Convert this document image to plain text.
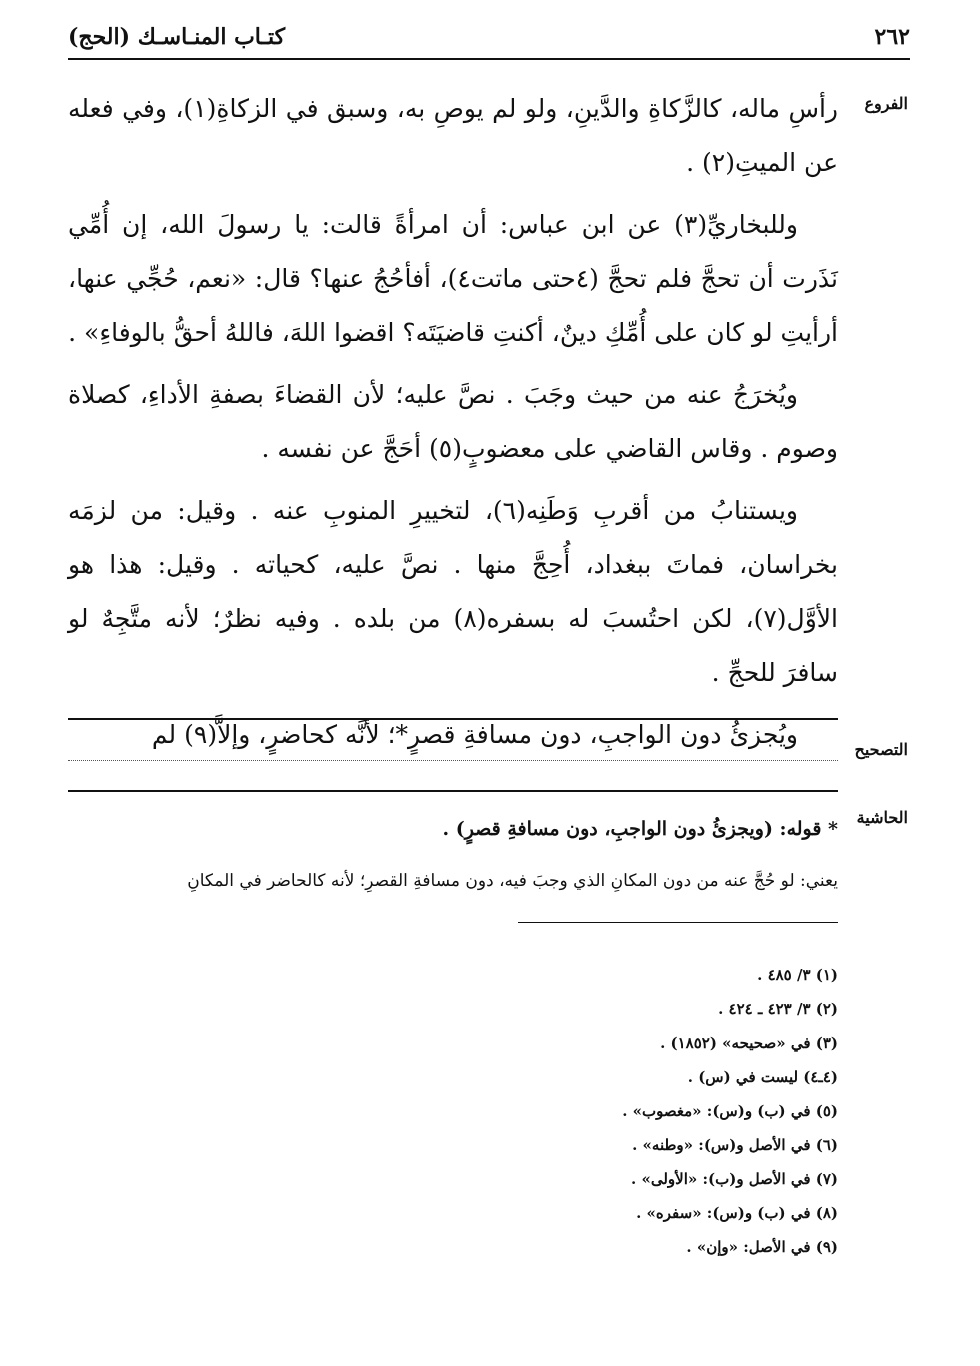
٢٦٢
كتـاب المنـاسـك (الحج)
الفروع
التصحيح
الحاشية

رأسِ ماله، كالزَّكاةِ والدَّينِ، ولو لم يوصِ به، وسبق في الزكاةِ(١)، وفي فعله عن الميتِ(٢) .

وللبخاريِّ(٣) عن ابن عباس: أن امرأةً قالت: يا رسولَ الله، إن أُمِّي نَذَرت أن تحجَّ فلم تحجَّ (٤حتى ماتت٤)، أفأحُجُ عنها؟ قال: «نعم، حُجِّي عنها، أرأيتِ لو كان على أُمِّكِ دينٌ، أكنتِ قاضيَتَه؟ اقضوا اللهَ، فاللهُ أحقُّ بالوفاءِ» .

ويُخرَجُ عنه من حيث وجَبَ . نصَّ عليه؛ لأن القضاءَ بصفةِ الأداءِ، كصلاة وصوم . وقاس القاضي على معضوبٍ(٥) أحَجَّ عن نفسه .

ويستنابُ من أقربِ وَطَنِه(٦)، لتخييرِ المنوبِ عنه . وقيل: من لزمَه بخراسان، فماتَ ببغداد، أُحِجَّ منها . نصَّ عليه، كحياته . وقيل: هذا هو الأوَّل(٧)، لكن احتُسبَ له بسفره(٨) من بلده . وفيه نظرٌ؛ لأنه متَّجِهٌ لو سافرَ للحجِّ .

ويُجزئُ دون الواجبِ، دون مسافةِ قصرٍ*؛ لأنَّه كحاضرٍ، وإلاَّ(٩) لم

* قوله: (ويجزئُ دون الواجبِ، دون مسافةِ قصرٍ) .
يعني: لو حُجَّ عنه من دون المكانِ الذي وجبَ فيه، دون مسافةِ القصرِ؛ لأنه كالحاضر في المكانِ
(١) ٣/ ٤٨٥ .
(٢) ٣/ ٤٢٣ ـ ٤٢٤ .
(٣) في «صحيحه» (١٨٥٢) .
(٤ـ٤) ليست في (س) .
(٥) في (ب) و(س): «مغصوب» .
(٦) في الأصل و(س): «وطنه» .
(٧) في الأصل و(ب): «الأولى» .
(٨) في (ب) و(س): «سفره» .
(٩) في الأصل: «وإن» .
